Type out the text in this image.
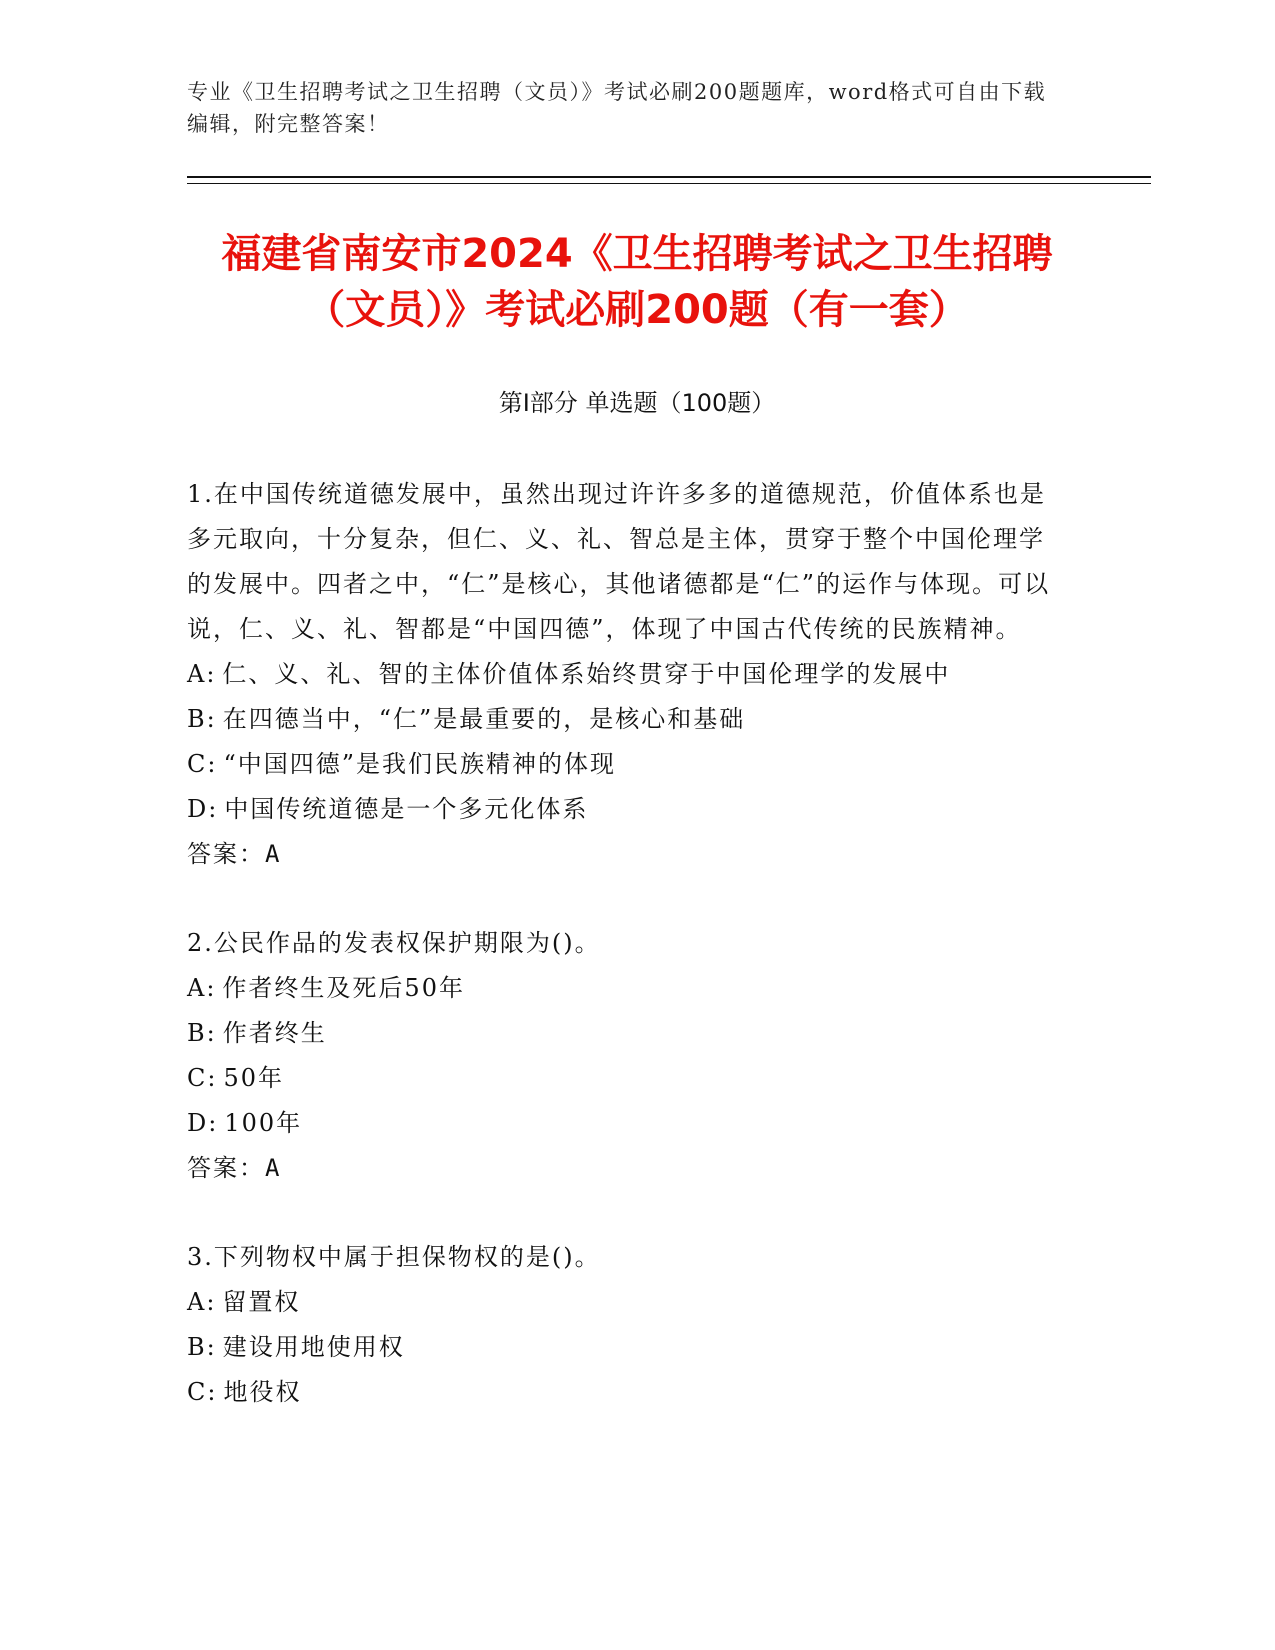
专业《卫生招聘考试之卫生招聘（文员）》考试必刷200题题库，word格式可自由下载编辑，附完整答案！
福建省南安市2024《卫生招聘考试之卫生招聘（文员）》考试必刷200题（有一套）
第I部分 单选题（100题）

1.在中国传统道德发展中，虽然出现过许许多多的道德规范，价值体系也是多元取向，十分复杂，但仁、义、礼、智总是主体，贯穿于整个中国伦理学的发展中。四者之中，“仁”是核心，其他诸德都是“仁”的运作与体现。可以说，仁、义、礼、智都是“中国四德”，体现了中国古代传统的民族精神。

A: 仁、义、礼、智的主体价值体系始终贯穿于中国伦理学的发展中

B: 在四德当中，“仁”是最重要的，是核心和基础

C: “中国四德”是我们民族精神的体现

D: 中国传统道德是一个多元化体系

答案：A

2.公民作品的发表权保护期限为()。

A: 作者终生及死后50年

B: 作者终生

C: 50年

D: 100年

答案：A

3.下列物权中属于担保物权的是()。

A: 留置权

B: 建设用地使用权

C: 地役权
